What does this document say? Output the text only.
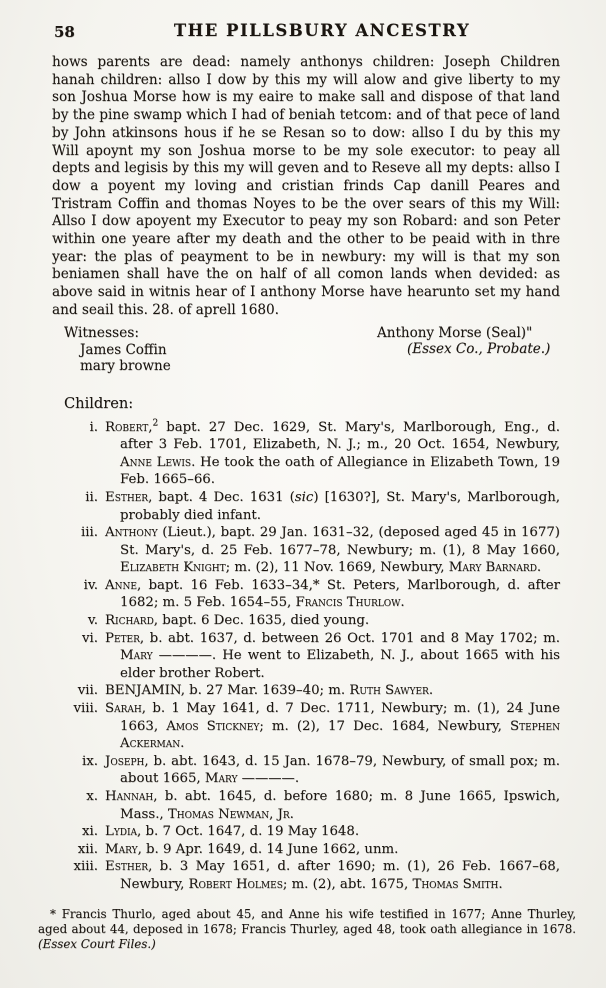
58	THE PILLSBURY ANCESTRY

hows parents are dead: namely anthonys children: Joseph Children hanah children: allso I dow by this my will alow and give liberty to my son Joshua Morse how is my eaire to make sall and dispose of that land by the pine swamp which I had of beniah tetcom: and of that pece of land by John atkinsons hous if he se Resan so to dow: allso I du by this my Will apoynt my son Joshua morse to be my sole executor: to peay all depts and legisis by this my will geven and to Reseve all my depts: allso I dow a poyent my loving and cristian frinds Cap danill Peares and Tristram Coffin and thomas Noyes to be the over sears of this my Will: Allso I dow apoyent my Executor to peay my son Robard: and son Peter within one yeare after my death and the other to be peaid with in thre year: the plas of peayment to be in newbury: my will is that my son beniamen shall have the on half of all comon lands when devided: as above said in witnis hear of I anthony Morse have hearunto set my hand and seail this. 28. of aprell 1680.

Witnesses:
James Coffin
mary browne
Anthony Morse (Seal)"
(Essex Co., Probate.)
Children:
i. Robert,$^2$ bapt. 27 Dec. 1629, St. Mary's, Marlborough, Eng., d. after 3 Feb. 1701, Elizabeth, N. J.; m., 20 Oct. 1654, Newbury, Anne Lewis. He took the oath of Allegiance in Elizabeth Town, 19 Feb. 1665–66.
ii. Esther, bapt. 4 Dec. 1631 (sic) [1630?], St. Mary's, Marlborough, probably died infant.
iii. Anthony (Lieut.), bapt. 29 Jan. 1631–32, (deposed aged 45 in 1677) St. Mary's, d. 25 Feb. 1677–78, Newbury; m. (1), 8 May 1660, Elizabeth Knight; m. (2), 11 Nov. 1669, Newbury, Mary Barnard.
iv. Anne, bapt. 16 Feb. 1633–34,* St. Peters, Marlborough, d. after 1682; m. 5 Feb. 1654–55, Francis Thurlow.
v. Richard, bapt. 6 Dec. 1635, died young.
vi. Peter, b. abt. 1637, d. between 26 Oct. 1701 and 8 May 1702; m. Mary ————. He went to Elizabeth, N. J., about 1665 with his elder brother Robert.
vii. BENJAMIN, b. 27 Mar. 1639–40; m. Ruth Sawyer.
viii. Sarah, b. 1 May 1641, d. 7 Dec. 1711, Newbury; m. (1), 24 June 1663, Amos Stickney; m. (2), 17 Dec. 1684, Newbury, Stephen Ackerman.
ix. Joseph, b. abt. 1643, d. 15 Jan. 1678–79, Newbury, of small pox; m. about 1665, Mary ————.
x. Hannah, b. abt. 1645, d. before 1680; m. 8 June 1665, Ipswich, Mass., Thomas Newman, Jr.
xi. Lydia, b. 7 Oct. 1647, d. 19 May 1648.
xii. Mary, b. 9 Apr. 1649, d. 14 June 1662, unm.
xiii. Esther, b. 3 May 1651, d. after 1690; m. (1), 26 Feb. 1667–68, Newbury, Robert Holmes; m. (2), abt. 1675, Thomas Smith.
* Francis Thurlo, aged about 45, and Anne his wife testified in 1677; Anne Thurley, aged about 44, deposed in 1678; Francis Thurley, aged 48, took oath allegiance in 1678. (Essex Court Files.)
